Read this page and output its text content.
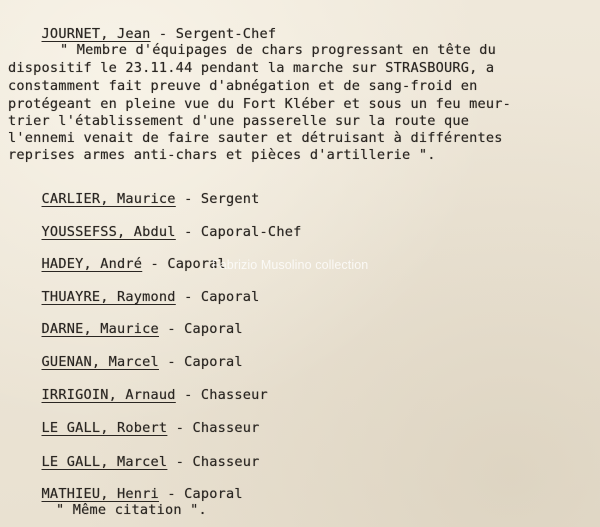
JOURNET, Jean - Sergent-Chef

" Membre d'équipages de chars progressant en tête du
dispositif le 23.11.44 pendant la marche sur STRASBOURG, a
constamment fait preuve d'abnégation et de sang-froid en
protégeant en pleine vue du Fort Kléber et sous un feu meur-
trier l'établissement d'une passerelle sur la route que
l'ennemi venait de faire sauter et détruisant à différentes
reprises armes anti-chars et pièces d'artillerie ".

CARLIER, Maurice - Sergent

YOUSSEFSS, Abdul - Caporal-Chef

HADEY, André - Caporal

THUAYRE, Raymond - Caporal

DARNE, Maurice - Caporal

GUENAN, Marcel - Caporal

IRRIGOIN, Arnaud - Chasseur

LE GALL, Robert - Chasseur

LE GALL, Marcel - Chasseur

MATHIEU, Henri - Caporal

" Même citation ".
Fabrizio Musolino collection
